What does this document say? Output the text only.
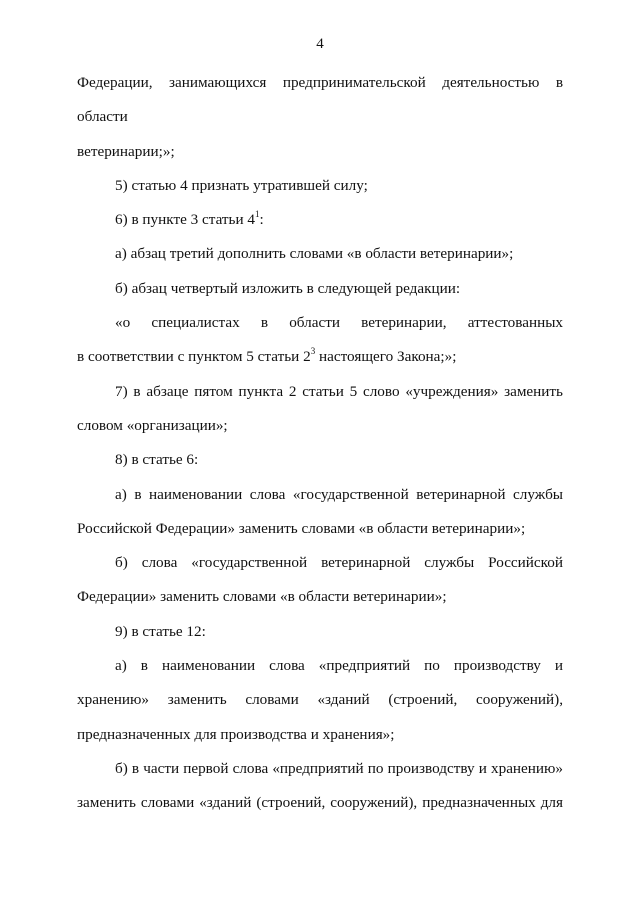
4

Федерации, занимающихся предпринимательской деятельностью в области

ветеринарии;»;

5) статью 4 признать утратившей силу;

6) в пункте 3 статьи $4^1$:

а) абзац третий дополнить словами «в области ветеринарии»;

б) абзац четвертый изложить в следующей редакции:

«о специалистах в области ветеринарии, аттестованных

в соответствии с пунктом 5 статьи $2^3$ настоящего Закона;»;

7) в абзаце пятом пункта 2 статьи 5 слово «учреждения» заменить

словом «организации»;

8) в статье 6:

а) в наименовании слова «государственной ветеринарной службы

Российской Федерации» заменить словами «в области ветеринарии»;

б) слова «государственной ветеринарной службы Российской

Федерации» заменить словами «в области ветеринарии»;

9) в статье 12:

а) в наименовании слова «предприятий по производству и

хранению» заменить словами «зданий (строений, сооружений),

предназначенных для производства и хранения»;

б) в части первой слова «предприятий по производству и хранению»

заменить словами «зданий (строений, сооружений), предназначенных для
